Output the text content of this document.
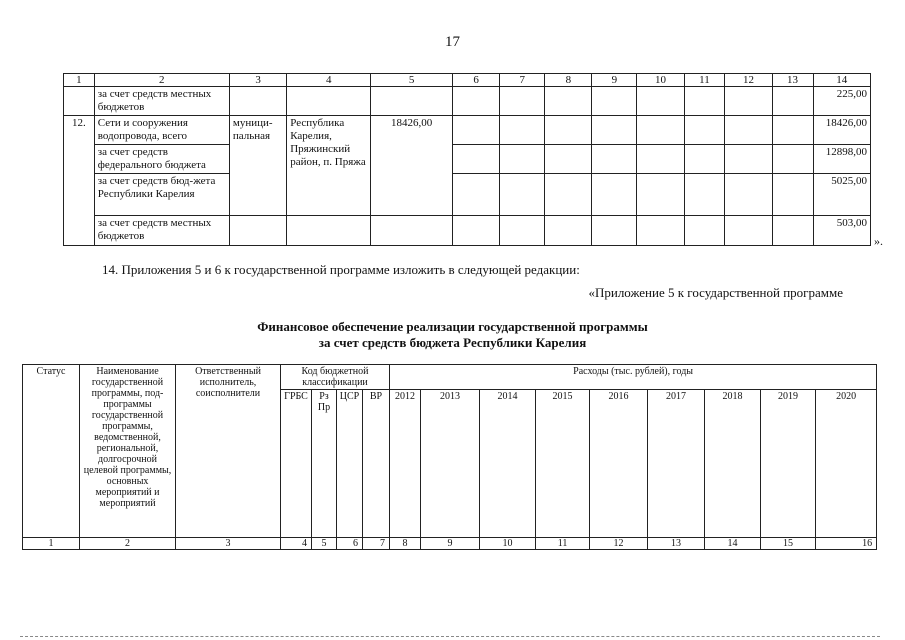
17
1	2	3	4	5	6	7	8	9	10	11	12	13	14
	за счет средств местных бюджетов												225,00
12.	Сети и сооружения водопровода, всего	муници-пальная	Республика Карелия, Пряжинский район, п. Пряжа	18426,00									18426,00
	за счет средств федерального бюджета												12898,00
	за счет средств бюд-жета Республики Карелия												5025,00
	за счет средств местных бюджетов												503,00
».
14. Приложения 5 и 6 к государственной программе изложить в следующей редакции:
«Приложение 5 к государственной программе
Финансовое обеспечение реализации государственной программы
за счет средств бюджета Республики Карелия
Статус	Наименование государственной программы, под-программы государственной программы, ведомственной, региональной, долгосрочной целевой программы, основных мероприятий и мероприятий	Ответственный исполнитель, соисполнители	Код бюджетной классификации				Расходы (тыс. рублей), годы								
			ГРБС	Рз Пр	ЦСР	ВР	2012	2013	2014	2015	2016	2017	2018	2019	2020
1	2	3	4	5	6	7	8	9	10	11	12	13	14	15	16
